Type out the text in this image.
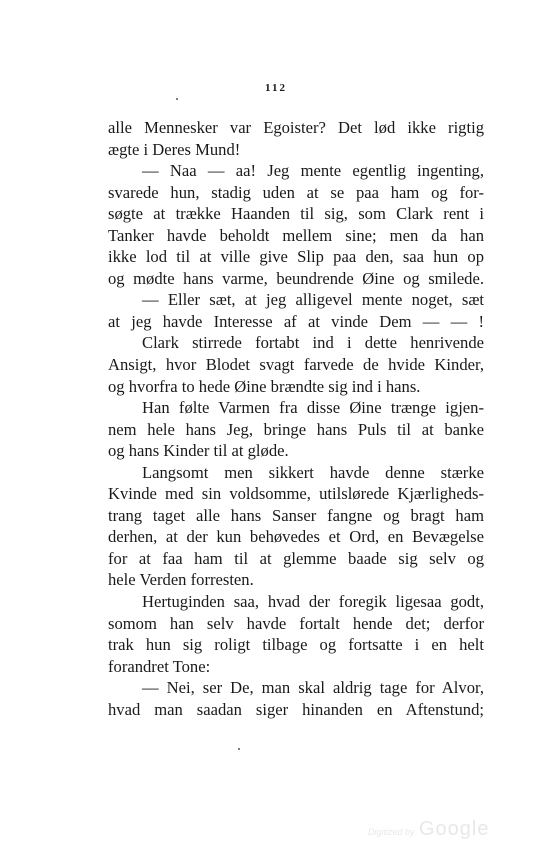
112
alle Mennesker var Egoister? Det lød ikke rigtig
ægte i Deres Mund!
— Naa — aa! Jeg mente egentlig ingenting,
svarede hun, stadig uden at se paa ham og for-
søgte at trække Haanden til sig, som Clark rent i
Tanker havde beholdt mellem sine; men da han
ikke lod til at ville give Slip paa den, saa hun op
og mødte hans varme, beundrende Øine og smilede.
— Eller sæt, at jeg alligevel mente noget, sæt
at jeg havde Interesse af at vinde Dem — — !
Clark stirrede fortabt ind i dette henrivende
Ansigt, hvor Blodet svagt farvede de hvide Kinder,
og hvorfra to hede Øine brændte sig ind i hans.
Han følte Varmen fra disse Øine trænge igjen-
nem hele hans Jeg, bringe hans Puls til at banke
og hans Kinder til at gløde.
Langsomt men sikkert havde denne stærke
Kvinde med sin voldsomme, utilslørede Kjærligheds-
trang taget alle hans Sanser fangne og bragt ham
derhen, at der kun behøvedes et Ord, en Bevægelse
for at faa ham til at glemme baade sig selv og
hele Verden forresten.
Hertuginden saa, hvad der foregik ligesaa godt,
somom han selv havde fortalt hende det; derfor
trak hun sig roligt tilbage og fortsatte i en helt
forandret Tone:
— Nei, ser De, man skal aldrig tage for Alvor,
hvad man saadan siger hinanden en Aftenstund;
Digitized by Google
